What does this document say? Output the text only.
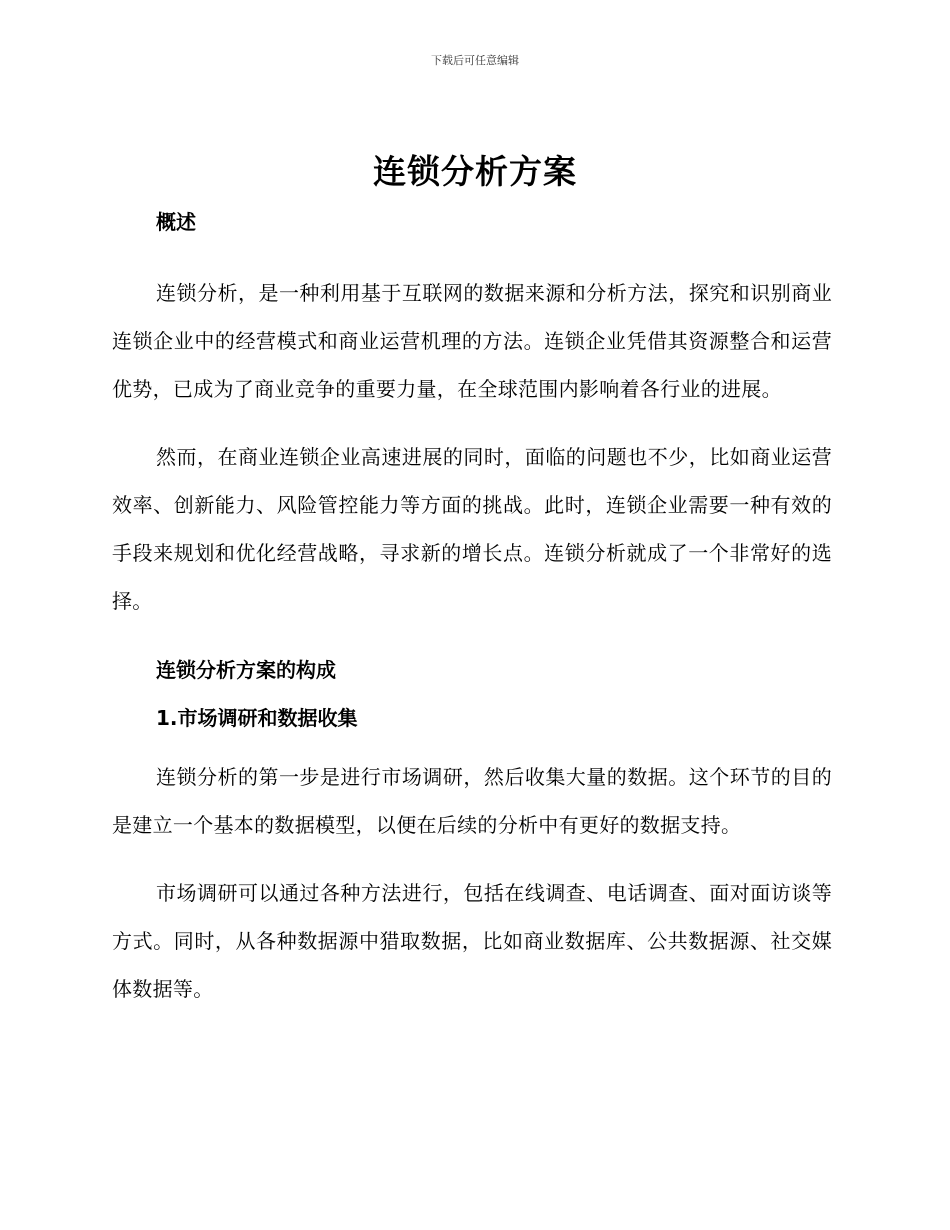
下载后可任意编辑
连锁分析方案

概述

连锁分析，是一种利用基于互联网的数据来源和分析方法，探究和识别商业连锁企业中的经营模式和商业运营机理的方法。连锁企业凭借其资源整合和运营优势，已成为了商业竞争的重要力量，在全球范围内影响着各行业的进展。

然而，在商业连锁企业高速进展的同时，面临的问题也不少，比如商业运营效率、创新能力、风险管控能力等方面的挑战。此时，连锁企业需要一种有效的手段来规划和优化经营战略，寻求新的增长点。连锁分析就成了一个非常好的选择。

连锁分析方案的构成

1.市场调研和数据收集

连锁分析的第一步是进行市场调研，然后收集大量的数据。这个环节的目的是建立一个基本的数据模型，以便在后续的分析中有更好的数据支持。

市场调研可以通过各种方法进行，包括在线调查、电话调查、面对面访谈等方式。同时，从各种数据源中猎取数据，比如商业数据库、公共数据源、社交媒体数据等。
